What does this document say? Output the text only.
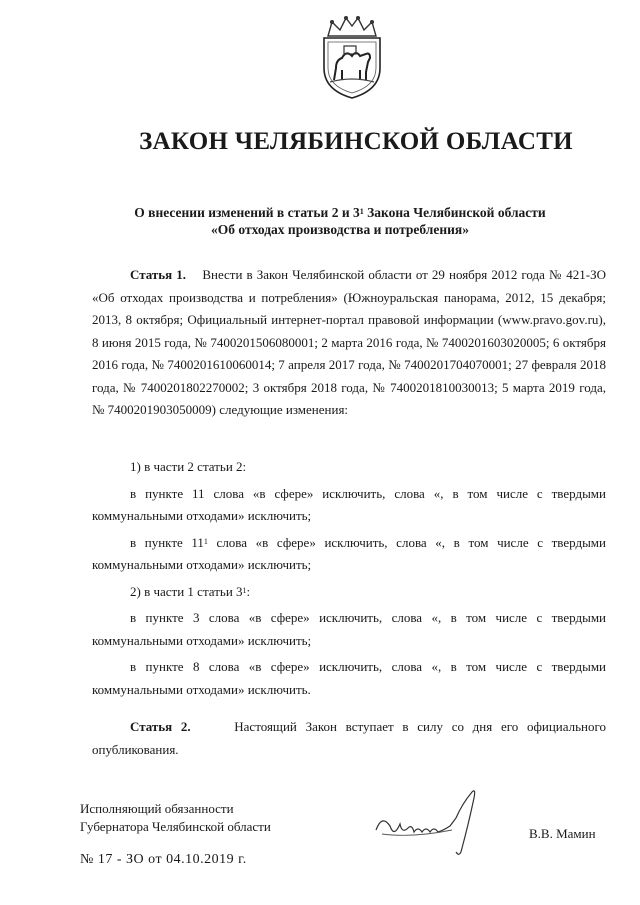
ЗАКОН ЧЕЛЯБИНСКОЙ ОБЛАСТИ
О внесении изменений в статьи 2 и $3^1$ Закона Челябинской области
«Об отходах производства и потребления»

Статья 1. Внести в Закон Челябинской области от 29 ноября 2012 года № 421-ЗО «Об отходах производства и потребления» (Южноуральская панорама, 2012, 15 декабря; 2013, 8 октября; Официальный интернет-портал правовой информации (www.pravo.gov.ru), 8 июня 2015 года, № 7400201506080001; 2 марта 2016 года, № 7400201603020005; 6 октября 2016 года, № 7400201610060014; 7 апреля 2017 года, № 7400201704070001; 27 февраля 2018 года, № 7400201802270002; 3 октября 2018 года, № 7400201810030013; 5 марта 2019 года, № 7400201903050009) следующие изменения:

1) в части 2 статьи 2:

в пункте 11 слова «в сфере» исключить, слова «, в том числе с твердыми коммунальными отходами» исключить;

в пункте $11^1$ слова «в сфере» исключить, слова «, в том числе с твердыми коммунальными отходами» исключить;

2) в части 1 статьи $3^1$:

в пункте 3 слова «в сфере» исключить, слова «, в том числе с твердыми коммунальными отходами» исключить;

в пункте 8 слова «в сфере» исключить, слова «, в том числе с твердыми коммунальными отходами» исключить.

Статья 2.	Настоящий Закон вступает в силу со дня его официального опубликования.

Исполняющий обязанности
Губернатора Челябинской области	В.В. Мамин
№ 17 - ЗО от 04.10.2019 г.
